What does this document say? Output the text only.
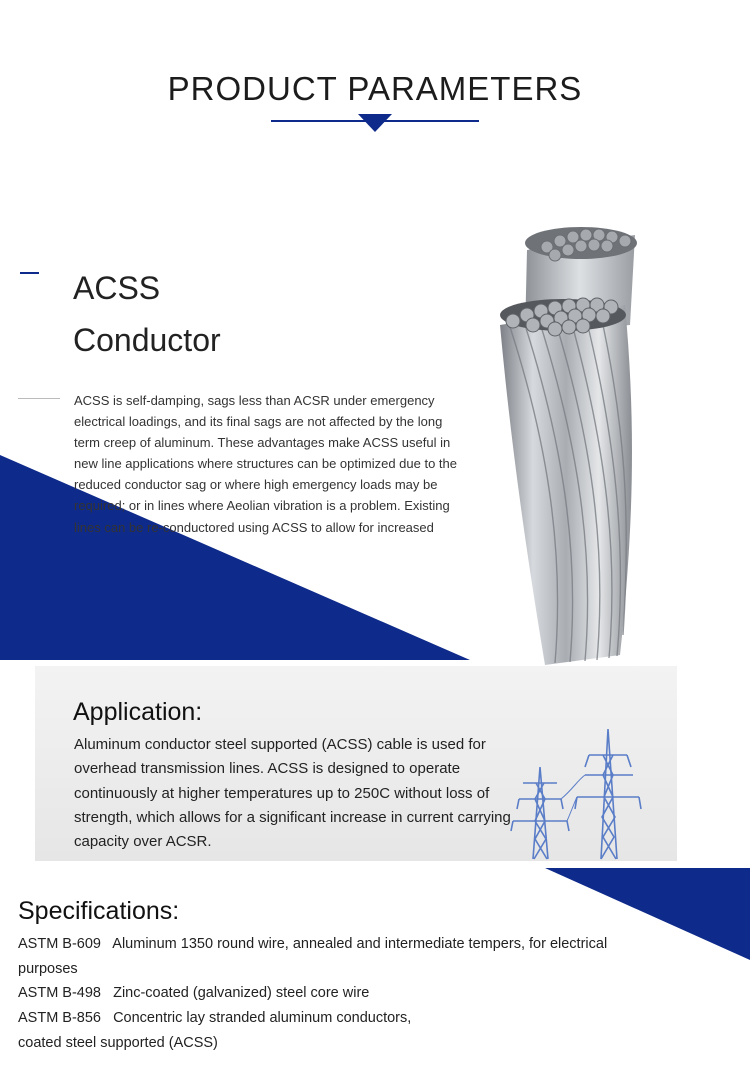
PRODUCT PARAMETERS
ACSS
Conductor
ACSS is self-damping, sags less than ACSR under emergency electrical loadings, and its final sags are not affected by the long term creep of aluminum. These advantages make ACSS useful in new line applications where structures can be optimized due to the reduced conductor sag or where high emergency loads may be required; or in lines where Aeolian vibration is a problem. Existing lines can be re-conductored using ACSS to allow for increased
Application:
Aluminum conductor steel supported (ACSS) cable is used for overhead transmission lines. ACSS is designed to operate continuously at higher temperatures up to 250C without loss of strength, which allows for a significant increase in current carrying capacity over ACSR.
Specifications:
ASTM B-609   Aluminum 1350 round wire, annealed and intermediate tempers, for electrical
purposes
ASTM B-498   Zinc-coated (galvanized) steel core wire
ASTM B-856   Concentric lay stranded aluminum conductors,
coated steel supported (ACSS)
